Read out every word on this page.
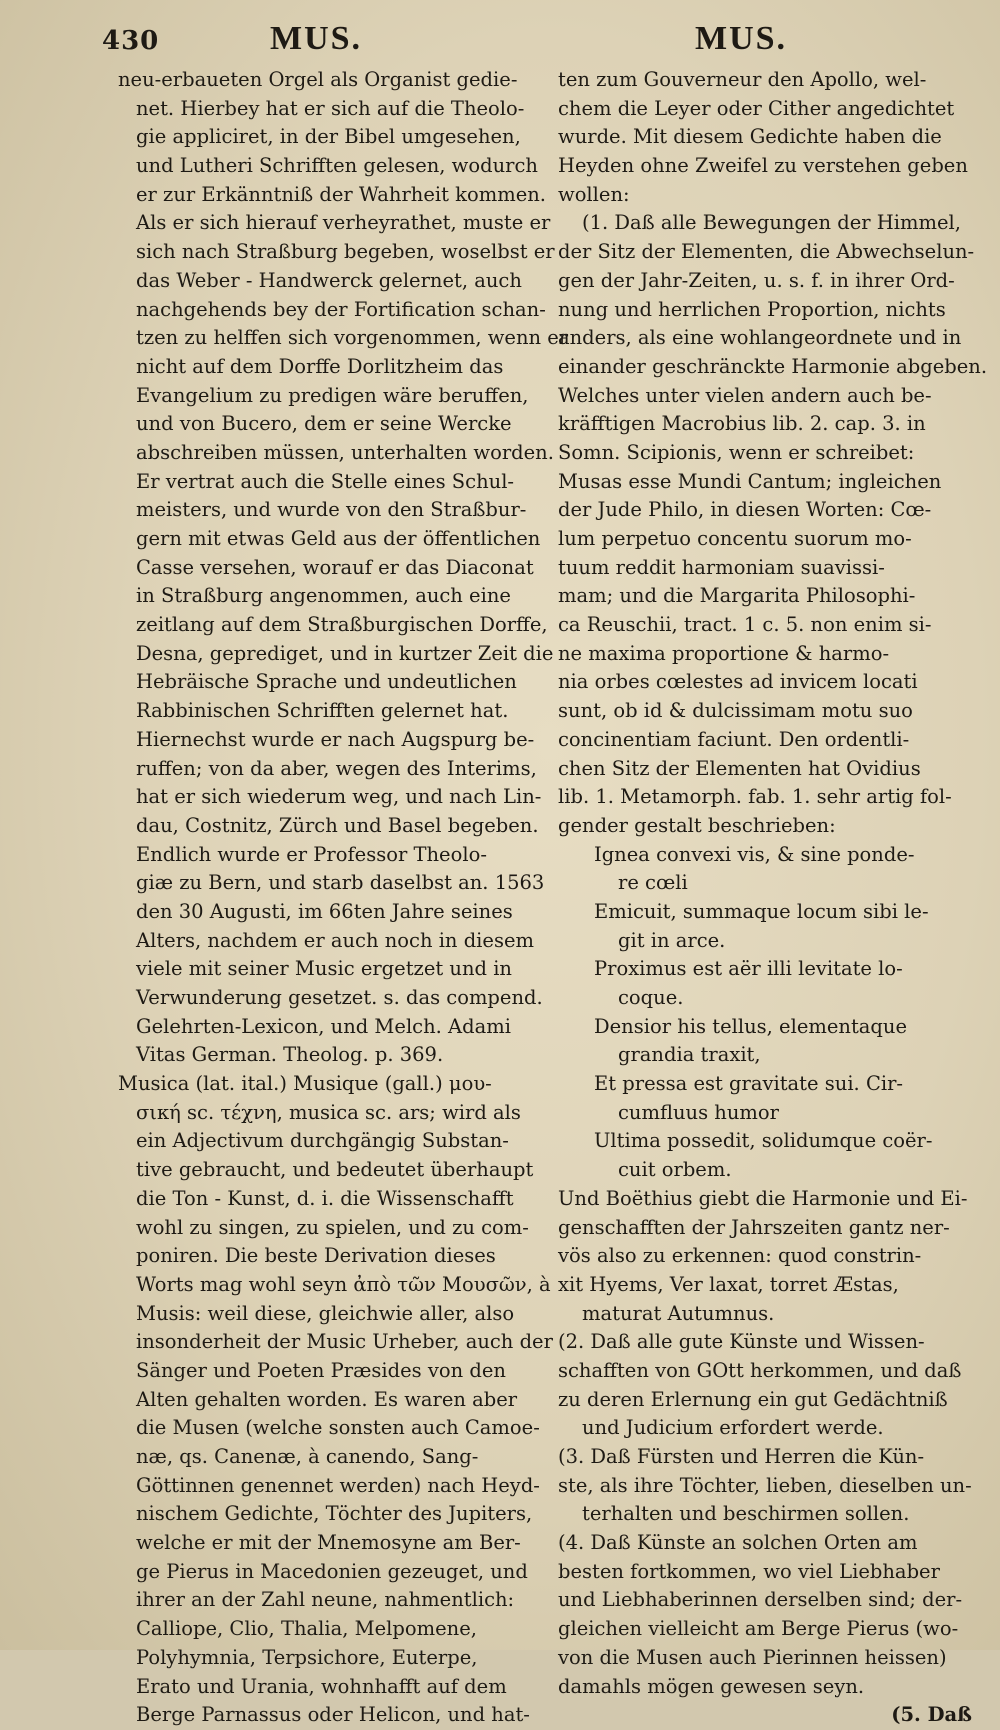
430	MUS.	MUS.
neu-erbaueten Orgel als Organist gedie-
net. Hierbey hat er sich auf die Theolo-
gie appliciret, in der Bibel umgesehen,
und Lutheri Schrifften gelesen, wodurch
er zur Erkänntniß der Wahrheit kommen.
Als er sich hierauf verheyrathet, muste er
sich nach Straßburg begeben, woselbst er
das Weber - Handwerck gelernet, auch
nachgehends bey der Fortification schan-
tzen zu helffen sich vorgenommen, wenn er
nicht auf dem Dorffe Dorlitzheim das
Evangelium zu predigen wäre beruffen,
und von Bucero, dem er seine Wercke
abschreiben müssen, unterhalten worden.
Er vertrat auch die Stelle eines Schul-
meisters, und wurde von den Straßbur-
gern mit etwas Geld aus der öffentlichen
Casse versehen, worauf er das Diaconat
in Straßburg angenommen, auch eine
zeitlang auf dem Straßburgischen Dorffe,
Desna, geprediget, und in kurtzer Zeit die
Hebräische Sprache und undeutlichen
Rabbinischen Schrifften gelernet hat.
Hiernechst wurde er nach Augspurg be-
ruffen; von da aber, wegen des Interims,
hat er sich wiederum weg, und nach Lin-
dau, Costnitz, Zürch und Basel begeben.
Endlich wurde er Professor Theolo-
giæ zu Bern, und starb daselbst an. 1563
den 30 Augusti, im 66ten Jahre seines
Alters, nachdem er auch noch in diesem
viele mit seiner Music ergetzet und in
Verwunderung gesetzet. s. das compend.
Gelehrten-Lexicon, und Melch. Adami
Vitas German. Theolog. p. 369.
Musica (lat. ital.) Musique (gall.) μου-
σική sc. τέχνη, musica sc. ars; wird als
ein Adjectivum durchgängig Substan-
tive gebraucht, und bedeutet überhaupt
die Ton - Kunst, d. i. die Wissenschafft
wohl zu singen, zu spielen, und zu com-
poniren. Die beste Derivation dieses
Worts mag wohl seyn ἀπὸ τῶν Μουσῶν, à
Musis: weil diese, gleichwie aller, also
insonderheit der Music Urheber, auch der
Sänger und Poeten Præsides von den
Alten gehalten worden. Es waren aber
die Musen (welche sonsten auch Camoe-
næ, qs. Canenæ, à canendo, Sang-
Göttinnen genennet werden) nach Heyd-
nischem Gedichte, Töchter des Jupiters,
welche er mit der Mnemosyne am Ber-
ge Pierus in Macedonien gezeuget, und
ihrer an der Zahl neune, nahmentlich:
Calliope, Clio, Thalia, Melpomene,
Polyhymnia, Terpsichore, Euterpe,
Erato und Urania, wohnhafft auf dem
Berge Parnassus oder Helicon, und hat-
ten zum Gouverneur den Apollo, wel-
chem die Leyer oder Cither angedichtet
wurde. Mit diesem Gedichte haben die
Heyden ohne Zweifel zu verstehen geben
wollen:
(1. Daß alle Bewegungen der Himmel,
der Sitz der Elementen, die Abwechselun-
gen der Jahr-Zeiten, u. s. f. in ihrer Ord-
nung und herrlichen Proportion, nichts
anders, als eine wohlangeordnete und in
einander geschränckte Harmonie abgeben.
Welches unter vielen andern auch be-
kräfftigen Macrobius lib. 2. cap. 3. in
Somn. Scipionis, wenn er schreibet:
Musas esse Mundi Cantum; ingleichen
der Jude Philo, in diesen Worten: Cœ-
lum perpetuo concentu suorum mo-
tuum reddit harmoniam suavissi-
mam; und die Margarita Philosophi-
ca Reuschii, tract. 1 c. 5. non enim si-
ne maxima proportione & harmo-
nia orbes cœlestes ad invicem locati
sunt, ob id & dulcissimam motu suo
concinentiam faciunt. Den ordentli-
chen Sitz der Elementen hat Ovidius
lib. 1. Metamorph. fab. 1. sehr artig fol-
gender gestalt beschrieben:
Ignea convexi vis, & sine ponde-
re cœli
Emicuit, summaque locum sibi le-
git in arce.
Proximus est aër illi levitate lo-
coque.
Densior his tellus, elementaque
grandia traxit,
Et pressa est gravitate sui. Cir-
cumfluus humor
Ultima possedit, solidumque coër-
cuit orbem.
Und Boëthius giebt die Harmonie und Ei-
genschafften der Jahrszeiten gantz ner-
vös also zu erkennen: quod constrin-
xit Hyems, Ver laxat, torret Æstas,
maturat Autumnus.
(2. Daß alle gute Künste und Wissen-
schafften von GOtt herkommen, und daß
zu deren Erlernung ein gut Gedächtniß
und Judicium erfordert werde.
(3. Daß Fürsten und Herren die Kün-
ste, als ihre Töchter, lieben, dieselben un-
terhalten und beschirmen sollen.
(4. Daß Künste an solchen Orten am
besten fortkommen, wo viel Liebhaber
und Liebhaberinnen derselben sind; der-
gleichen vielleicht am Berge Pierus (wo-
von die Musen auch Pierinnen heissen)
damahls mögen gewesen seyn.
(5. Daß
